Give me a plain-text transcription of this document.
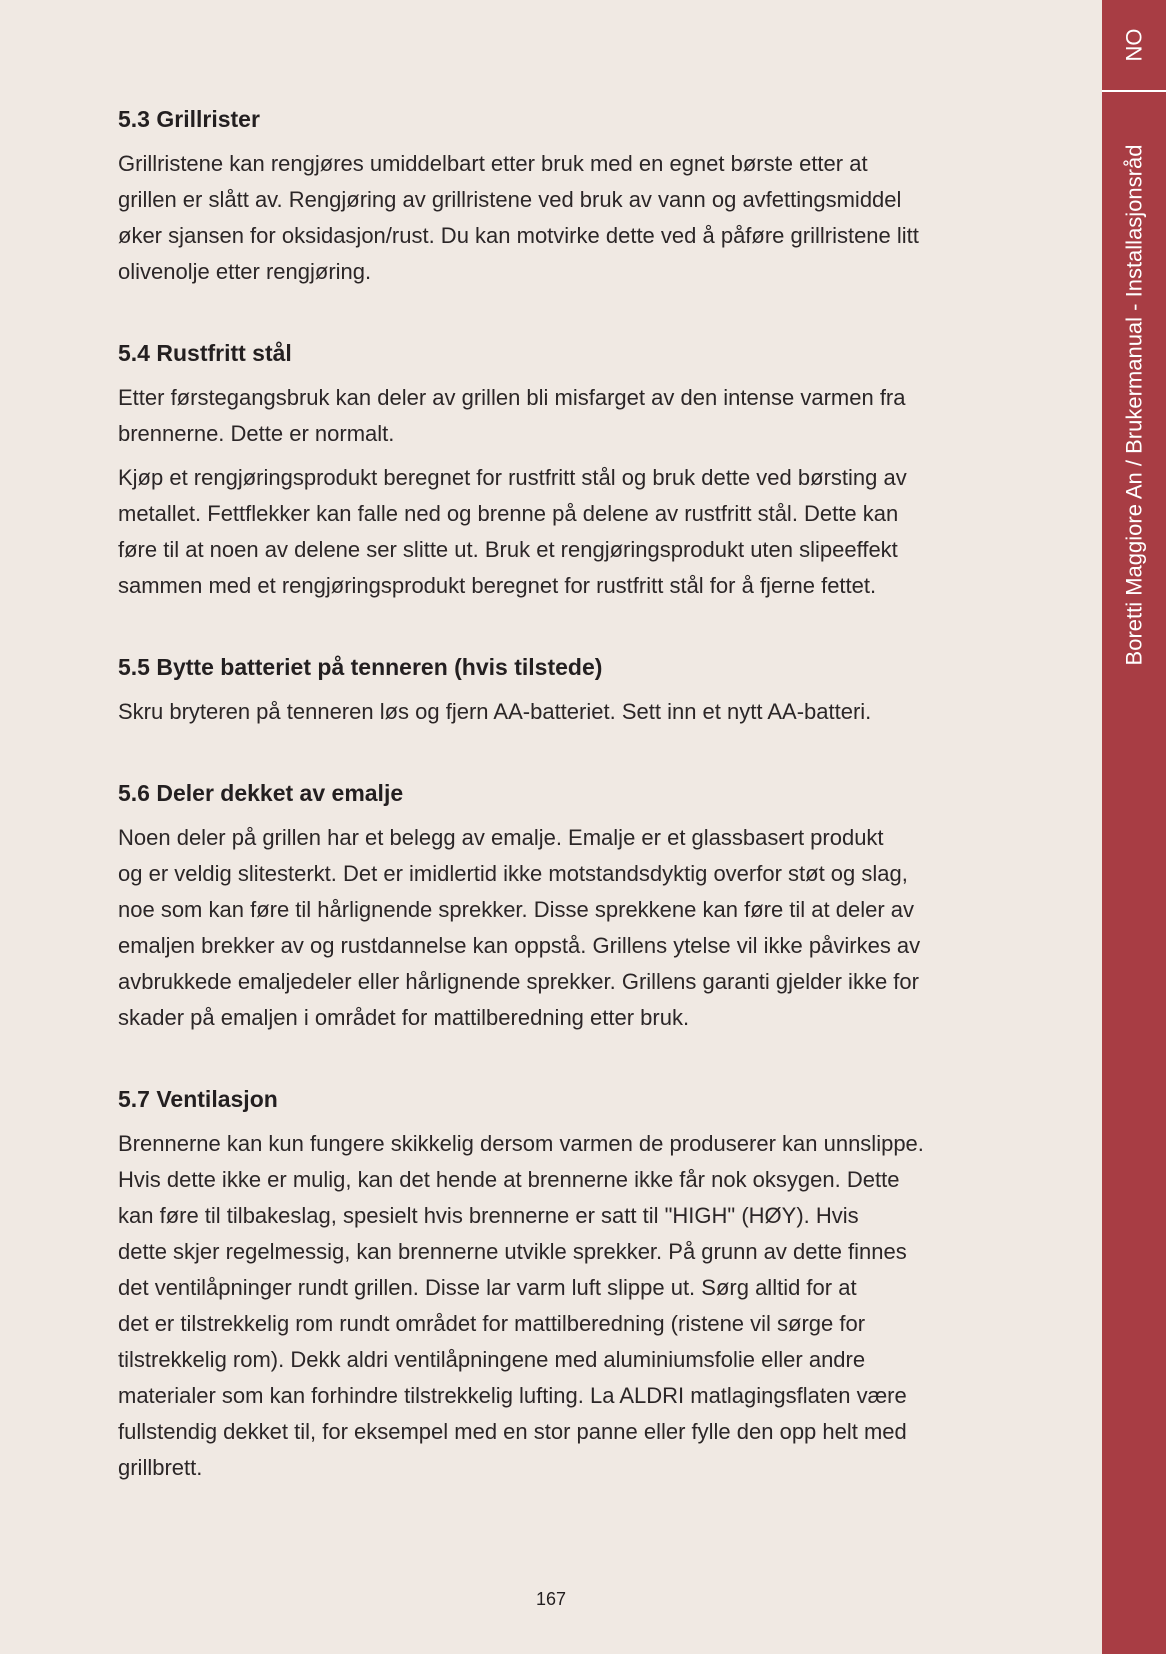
5.3 Grillrister

Grillristene kan rengjøres umiddelbart etter bruk med en egnet børste etter at
grillen er slått av. Rengjøring av grillristene ved bruk av vann og avfettingsmiddel
øker sjansen for oksidasjon/rust. Du kan motvirke dette ved å påføre grillristene litt
olivenolje etter rengjøring.

5.4 Rustfritt stål

Etter førstegangsbruk kan deler av grillen bli misfarget av den intense varmen fra
brennerne. Dette er normalt.

Kjøp et rengjøringsprodukt beregnet for rustfritt stål og bruk dette ved børsting av
metallet. Fettflekker kan falle ned og brenne på delene av rustfritt stål. Dette kan
føre til at noen av delene ser slitte ut. Bruk et rengjøringsprodukt uten slipeeffekt
sammen med et rengjøringsprodukt beregnet for rustfritt stål for å fjerne fettet.

5.5 Bytte batteriet på tenneren (hvis tilstede)

Skru bryteren på tenneren løs og fjern AA-batteriet. Sett inn et nytt AA-batteri.

5.6 Deler dekket av emalje

Noen deler på grillen har et belegg av emalje. Emalje er et glassbasert produkt
og er veldig slitesterkt. Det er imidlertid ikke motstandsdyktig overfor støt og slag,
noe som kan føre til hårlignende sprekker. Disse sprekkene kan føre til at deler av
emaljen brekker av og rustdannelse kan oppstå. Grillens ytelse vil ikke påvirkes av
avbrukkede emaljedeler eller hårlignende sprekker. Grillens garanti gjelder ikke for
skader på emaljen i området for mattilberedning etter bruk.

5.7 Ventilasjon

Brennerne kan kun fungere skikkelig dersom varmen de produserer kan unnslippe.
Hvis dette ikke er mulig, kan det hende at brennerne ikke får nok oksygen. Dette
kan føre til tilbakeslag, spesielt hvis brennerne er satt til "HIGH" (HØY). Hvis
dette skjer regelmessig, kan brennerne utvikle sprekker. På grunn av dette finnes
det ventilåpninger rundt grillen. Disse lar varm luft slippe ut. Sørg alltid for at
det er tilstrekkelig rom rundt området for mattilberedning (ristene vil sørge for
tilstrekkelig rom). Dekk aldri ventilåpningene med aluminiumsfolie eller andre
materialer som kan forhindre tilstrekkelig lufting. La ALDRI matlagingsflaten være
fullstendig dekket til, for eksempel med en stor panne eller fylle den opp helt med
grillbrett.

167
NO
Boretti Maggiore An / Brukermanual - Installasjonsråd
